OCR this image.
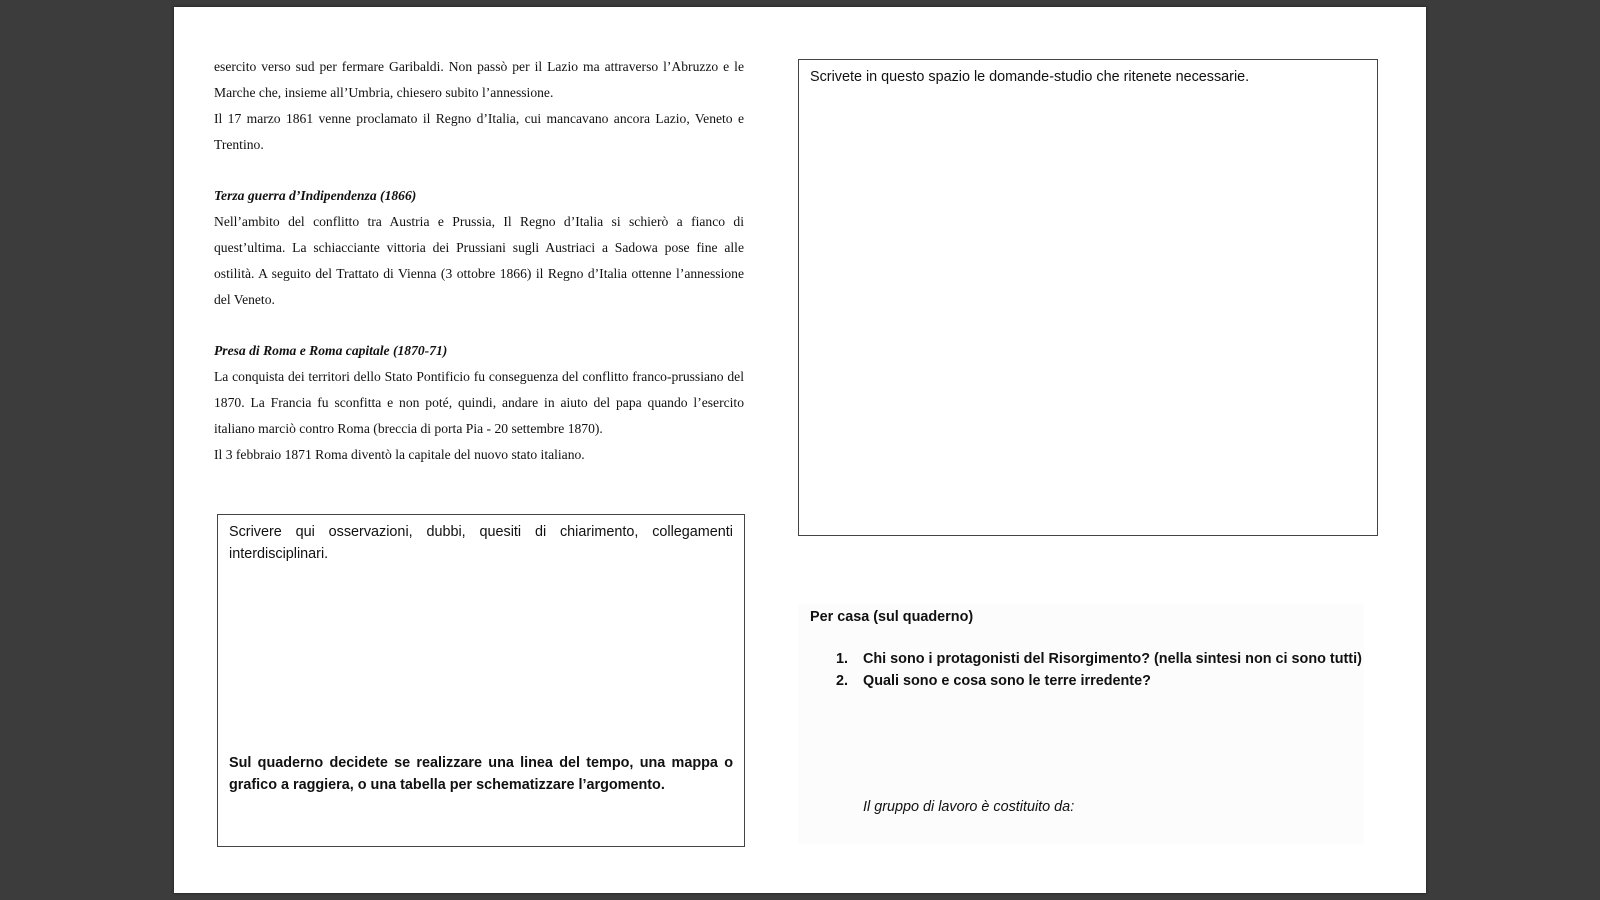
esercito verso sud per fermare Garibaldi. Non passò per il Lazio ma attraverso l’Abruzzo e le Marche che, insieme all’Umbria, chiesero subito l’annessione.

Il 17 marzo 1861 venne proclamato il Regno d’Italia, cui mancavano ancora Lazio, Veneto e Trentino.

Terza guerra d’Indipendenza (1866)

Nell’ambito del conflitto tra Austria e Prussia, Il Regno d’Italia si schierò a fianco di quest’ultima. La schiacciante vittoria dei Prussiani sugli Austriaci a Sadowa pose fine alle ostilità. A seguito del Trattato di Vienna (3 ottobre 1866) il Regno d’Italia ottenne l’annessione del Veneto.

Presa di Roma e Roma capitale (1870-71)

La conquista dei territori dello Stato Pontificio fu conseguenza del conflitto franco-prussiano del 1870. La Francia fu sconfitta e non poté, quindi, andare in aiuto del papa quando l’esercito italiano marciò contro Roma (breccia di porta Pia - 20 settembre 1870).

Il 3 febbraio 1871 Roma diventò la capitale del nuovo stato italiano.

Scrivere qui osservazioni, dubbi, quesiti di chiarimento, collegamenti interdisciplinari.
Sul quaderno decidete se realizzare una linea del tempo, una mappa o grafico a raggiera, o una tabella per schematizzare l’argomento.
Scrivete in questo spazio le domande-studio che ritenete necessarie.
Per casa (sul quaderno)
1.	Chi sono i protagonisti del Risorgimento? (nella sintesi non ci sono tutti)
2.	Quali sono e cosa sono le terre irredente?
Il gruppo di lavoro è costituito da:
